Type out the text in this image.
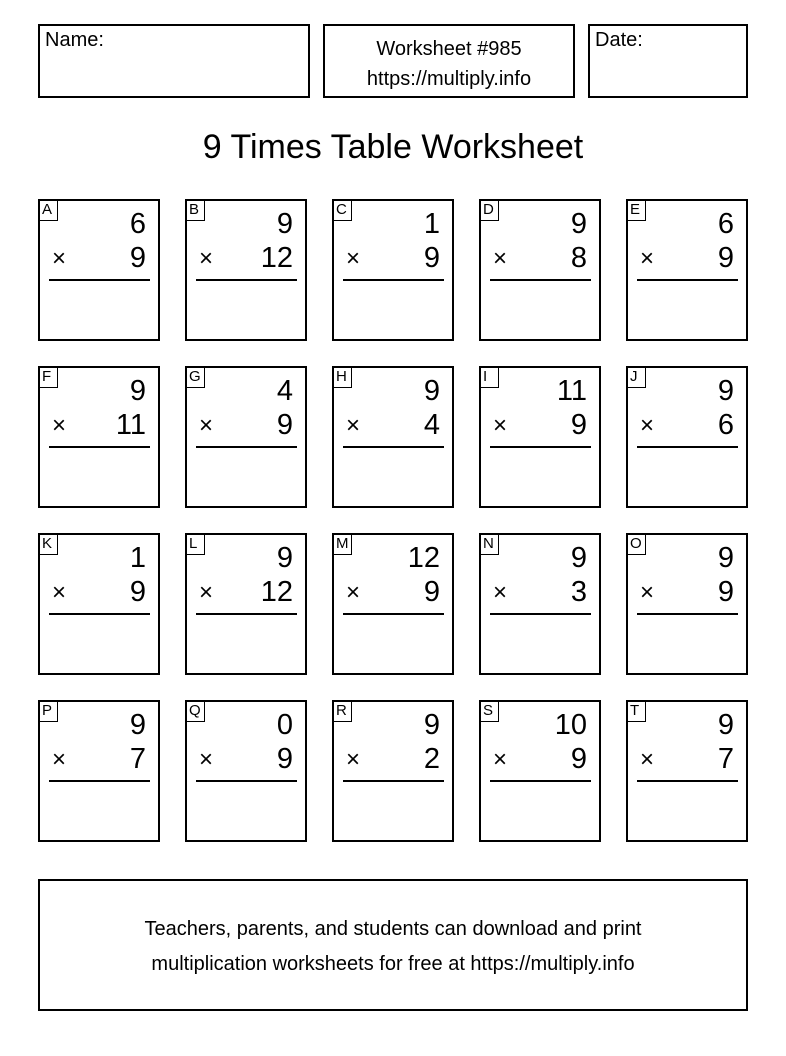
Name:	Worksheet #985
https://multiply.info
Date:
9 Times Table Worksheet
A	6
× 9
B	9
× 12
C	1
× 9
D	9
× 8
E	6
× 9
F	9
× 11
G	4
× 9
H	9
× 4
I	11
× 9
J	9
× 6
K	1
× 9
L	9
× 12
M 12
× 9
N	9
× 3
O	9
× 9
P	9
× 7
Q	0
× 9
R	9
× 2
S 10
× 9
T	9
× 7
Teachers, parents, and students can download and print
multiplication worksheets for free at https://multiply.info
